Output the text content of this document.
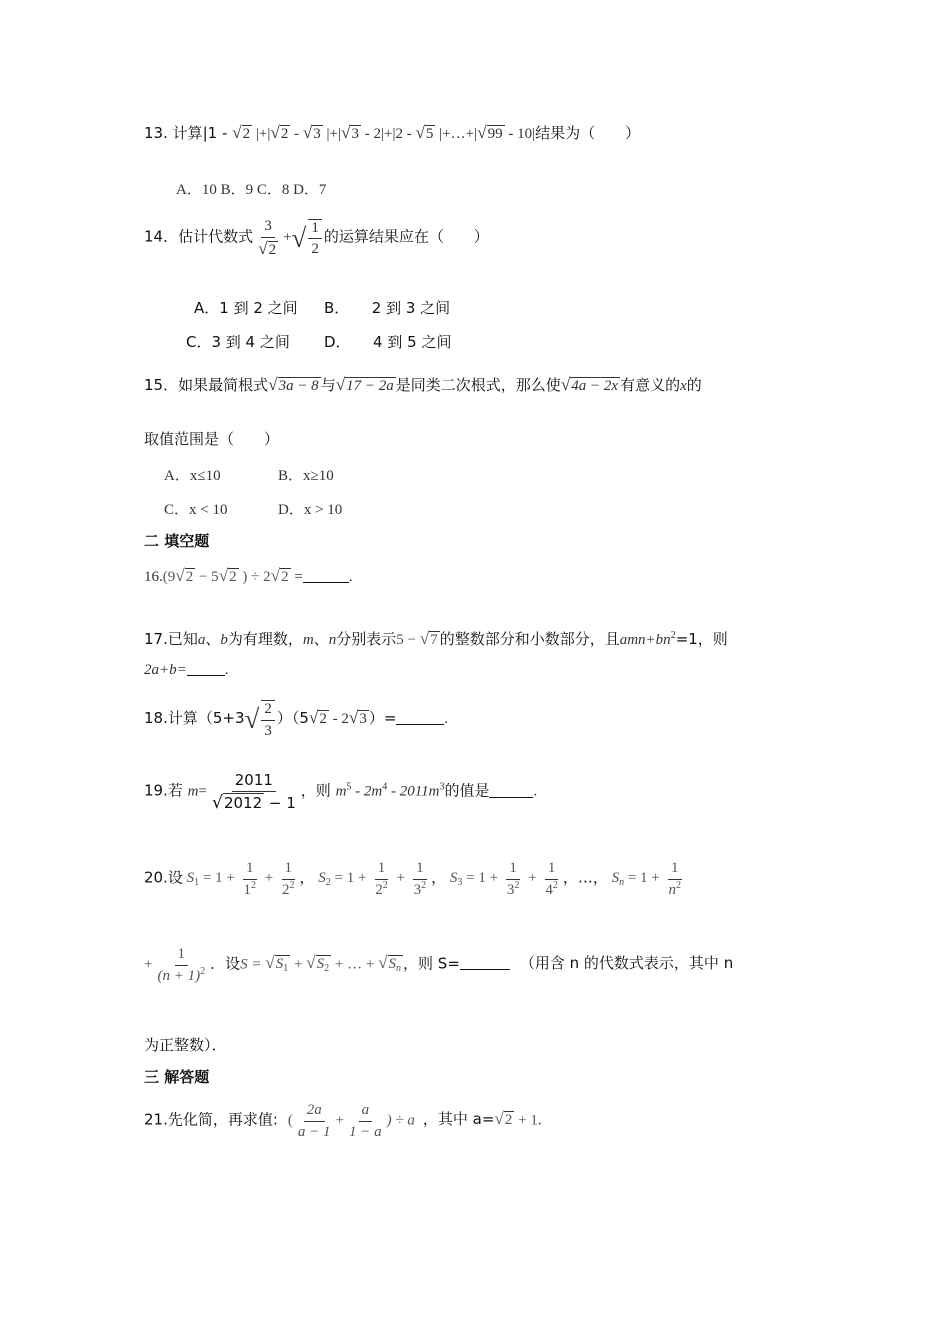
13. 计算|1 - √2 |+|√2 - √3 |+|√3 - 2|+|2 - √5 |+…+|√99 - 10|结果为（　　）
A．10 B．9 C．8 D．7
14．估计代数式 $\frac{3}{√2}$ +√ $\frac{1}{2}$ 的运算结果应在（　　）
A．1 到 2 之间 B．　　2 到 3 之间
C．3 到 4 之间 D．　　4 到 5 之间
15．如果最简根式√3a − 8 与√17 − 2a 是同类二次根式，那么使√4a − 2x 有意义的x的
取值范围是（　　）
A．x≤10	B．x≥10
C．x < 10	D．x > 10
二 填空题
16.(9√2 − 5√2 ) ÷ 2√2 =	.
17.已知a、b为有理数，m、n分别表示5 − √7 的整数部分和小数部分，且$amn+bn^2=1$，则
2a+b=	.
18.计算$(5+3√ \frac{2}{3} )(5√2 - 2√3$ ）=	.
19.若 $m= \frac{2011}{√2012 - 1}$ ，则 $m^5 - 2m^4 - 2011m^3$的值是	.
20.设 $S_1 = 1 + \frac{1}{1^2} + \frac{1}{2^2}$ ， $S_2 = 1 + \frac{1}{2^2} + \frac{1}{3^2}$ ， $S_3 = 1 + \frac{1}{3^2} + \frac{1}{4^2}$ ，…， $S_n = 1 + \frac{1}{n^2}$
+ $\frac{1}{(n + 1)^2}$ ．设$S = √S_1 + √S_2$ + … + $√S_n$ ，则 S=	（用含 n 的代数式表示，其中 n
为正整数）．
三 解答题
21.先化简，再求值: ( $\frac{2a}{a - 1} + \frac{a}{1 - a}$ ) ÷ a ，其中 a=√2 + 1.
